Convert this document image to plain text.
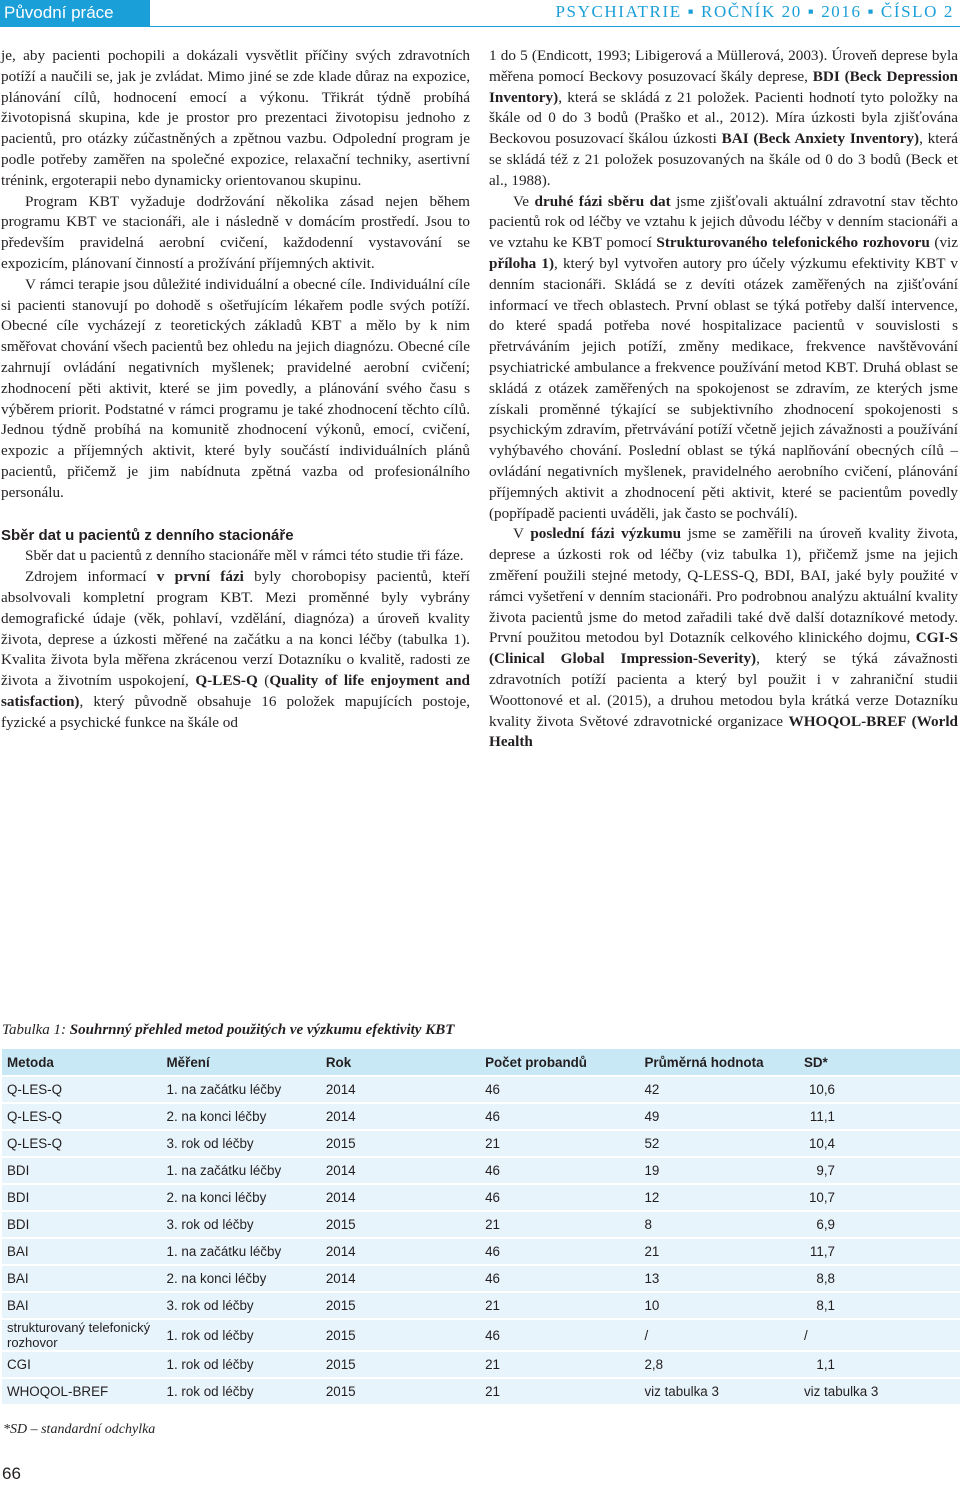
Původní práce	PSYCHIATRIE ▪ ROČNÍK 20 ▪ 2016 ▪ ČÍSLO 2

je, aby pacienti pochopili a dokázali vysvětlit příčiny svých zdravotních potíží a naučili se, jak je zvládat. Mimo jiné se zde klade důraz na expozice, plánování cílů, hodnocení emocí a výkonu. Třikrát týdně probíhá životopisná skupina, kde je prostor pro prezentaci životopisu jednoho z pacientů, pro otázky zúčastněných a zpětnou vazbu. Odpolední program je podle potřeby zaměřen na společné expozice, relaxační techniky, asertivní trénink, ergoterapii nebo dynamicky orientovanou skupinu.

Program KBT vyžaduje dodržování několika zásad nejen během programu KBT ve stacionáři, ale i následně v domácím prostředí. Jsou to především pravidelná aerobní cvičení, každodenní vystavování se expozicím, plánovaní činností a prožívání příjemných aktivit.

V rámci terapie jsou důležité individuální a obecné cíle. Individuální cíle si pacienti stanovují po dohodě s ošetřujícím lékařem podle svých potíží. Obecné cíle vycházejí z teoretických základů KBT a mělo by k nim směřovat chování všech pacientů bez ohledu na jejich diagnózu. Obecné cíle zahrnují ovládání negativních myšlenek; pravidelné aerobní cvičení; zhodnocení pěti aktivit, které se jim povedly, a plánování svého času s výběrem priorit. Podstatné v rámci programu je také zhodnocení těchto cílů. Jednou týdně probíhá na komunitě zhodnocení výkonů, emocí, cvičení, expozic a příjemných aktivit, které byly součástí individuálních plánů pacientů, přičemž je jim nabídnuta zpětná vazba od profesionálního personálu.

Sběr dat u pacientů z denního stacionáře

Sběr dat u pacientů z denního stacionáře měl v rámci této studie tři fáze.

Zdrojem informací v první fázi byly chorobopisy pacientů, kteří absolvovali kompletní program KBT. Mezi proměnné byly vybrány demografické údaje (věk, pohlaví, vzdělání, diagnóza) a úroveň kvality života, deprese a úzkosti měřené na začátku a na konci léčby (tabulka 1). Kvalita života byla měřena zkrácenou verzí Dotazníku o kvalitě, radosti ze života a životním uspokojení, Q-LES-Q (Quality of life enjoyment and satisfaction), který původně obsahuje 16 položek mapujících postoje, fyzické a psychické funkce na škále od

1 do 5 (Endicott, 1993; Libigerová a Müllerová, 2003). Úroveň deprese byla měřena pomocí Beckovy posuzovací škály deprese, BDI (Beck Depression Inventory), která se skládá z 21 položek. Pacienti hodnotí tyto položky na škále od 0 do 3 bodů (Praško et al., 2012). Míra úzkosti byla zjišťována Beckovou posuzovací škálou úzkosti BAI (Beck Anxiety Inventory), která se skládá též z 21 položek posuzovaných na škále od 0 do 3 bodů (Beck et al., 1988).

Ve druhé fázi sběru dat jsme zjišťovali aktuální zdravotní stav těchto pacientů rok od léčby ve vztahu k jejich důvodu léčby v denním stacionáři a ve vztahu ke KBT pomocí Strukturovaného telefonického rozhovoru (viz příloha 1), který byl vytvořen autory pro účely výzkumu efektivity KBT v denním stacionáři. Skládá se z devíti otázek zaměřených na zjišťování informací ve třech oblastech. První oblast se týká potřeby další intervence, do které spadá potřeba nové hospitalizace pacientů v souvislosti s přetrváváním jejich potíží, změny medikace, frekvence navštěvování psychiatrické ambulance a frekvence používání metod KBT. Druhá oblast se skládá z otázek zaměřených na spokojenost se zdravím, ze kterých jsme získali proměnné týkající se subjektivního zhodnocení spokojenosti s psychickým zdravím, přetrvávání potíží včetně jejich závažnosti a používání vyhýbavého chování. Poslední oblast se týká naplňování obecných cílů – ovládání negativních myšlenek, pravidelného aerobního cvičení, plánování příjemných aktivit a zhodnocení pěti aktivit, které se pacientům povedly (popřípadě pacienti uváděli, jak často se pochválí).

V poslední fázi výzkumu jsme se zaměřili na úroveň kvality života, deprese a úzkosti rok od léčby (viz tabulka 1), přičemž jsme na jejich změření použili stejné metody, Q-LESS-Q, BDI, BAI, jaké byly použité v rámci vyšetření v denním stacionáři. Pro podrobnou analýzu aktuální kvality života pacientů jsme do metod zařadili také dvě další dotazníkové metody. První použitou metodou byl Dotazník celkového klinického dojmu, CGI-S (Clinical Global Impression-Severity), který se týká závažnosti zdravotních potíží pacienta a který byl použit i v zahraniční studii Woottonové et al. (2015), a druhou metodou byla krátká verze Dotazníku kvality života Světové zdravotnické organizace WHOQOL-BREF (World Health

Tabulka 1: Souhrnný přehled metod použitých ve výzkumu efektivity KBT
Metoda	Měření	Rok	Počet probandů	Průměrná hodnota	SD*
Q-LES-Q	1. na začátku léčby	2014	46	42	10,6
Q-LES-Q	2. na konci léčby	2014	46	49	11,1
Q-LES-Q	3. rok od léčby	2015	21	52	10,4
BDI	1. na začátku léčby	2014	46	19	9,7
BDI	2. na konci léčby	2014	46	12	10,7
BDI	3. rok od léčby	2015	21	8	6,9
BAI	1. na začátku léčby	2014	46	21	11,7
BAI	2. na konci léčby	2014	46	13	8,8
BAI	3. rok od léčby	2015	21	10	8,1
strukturovaný telefonický rozhovor	1. rok od léčby	2015	46	/	/
CGI	1. rok od léčby	2015	21	2,8	1,1
WHOQOL-BREF	1. rok od léčby	2015	21	viz tabulka 3	viz tabulka 3
*SD – standardní odchylka
66
